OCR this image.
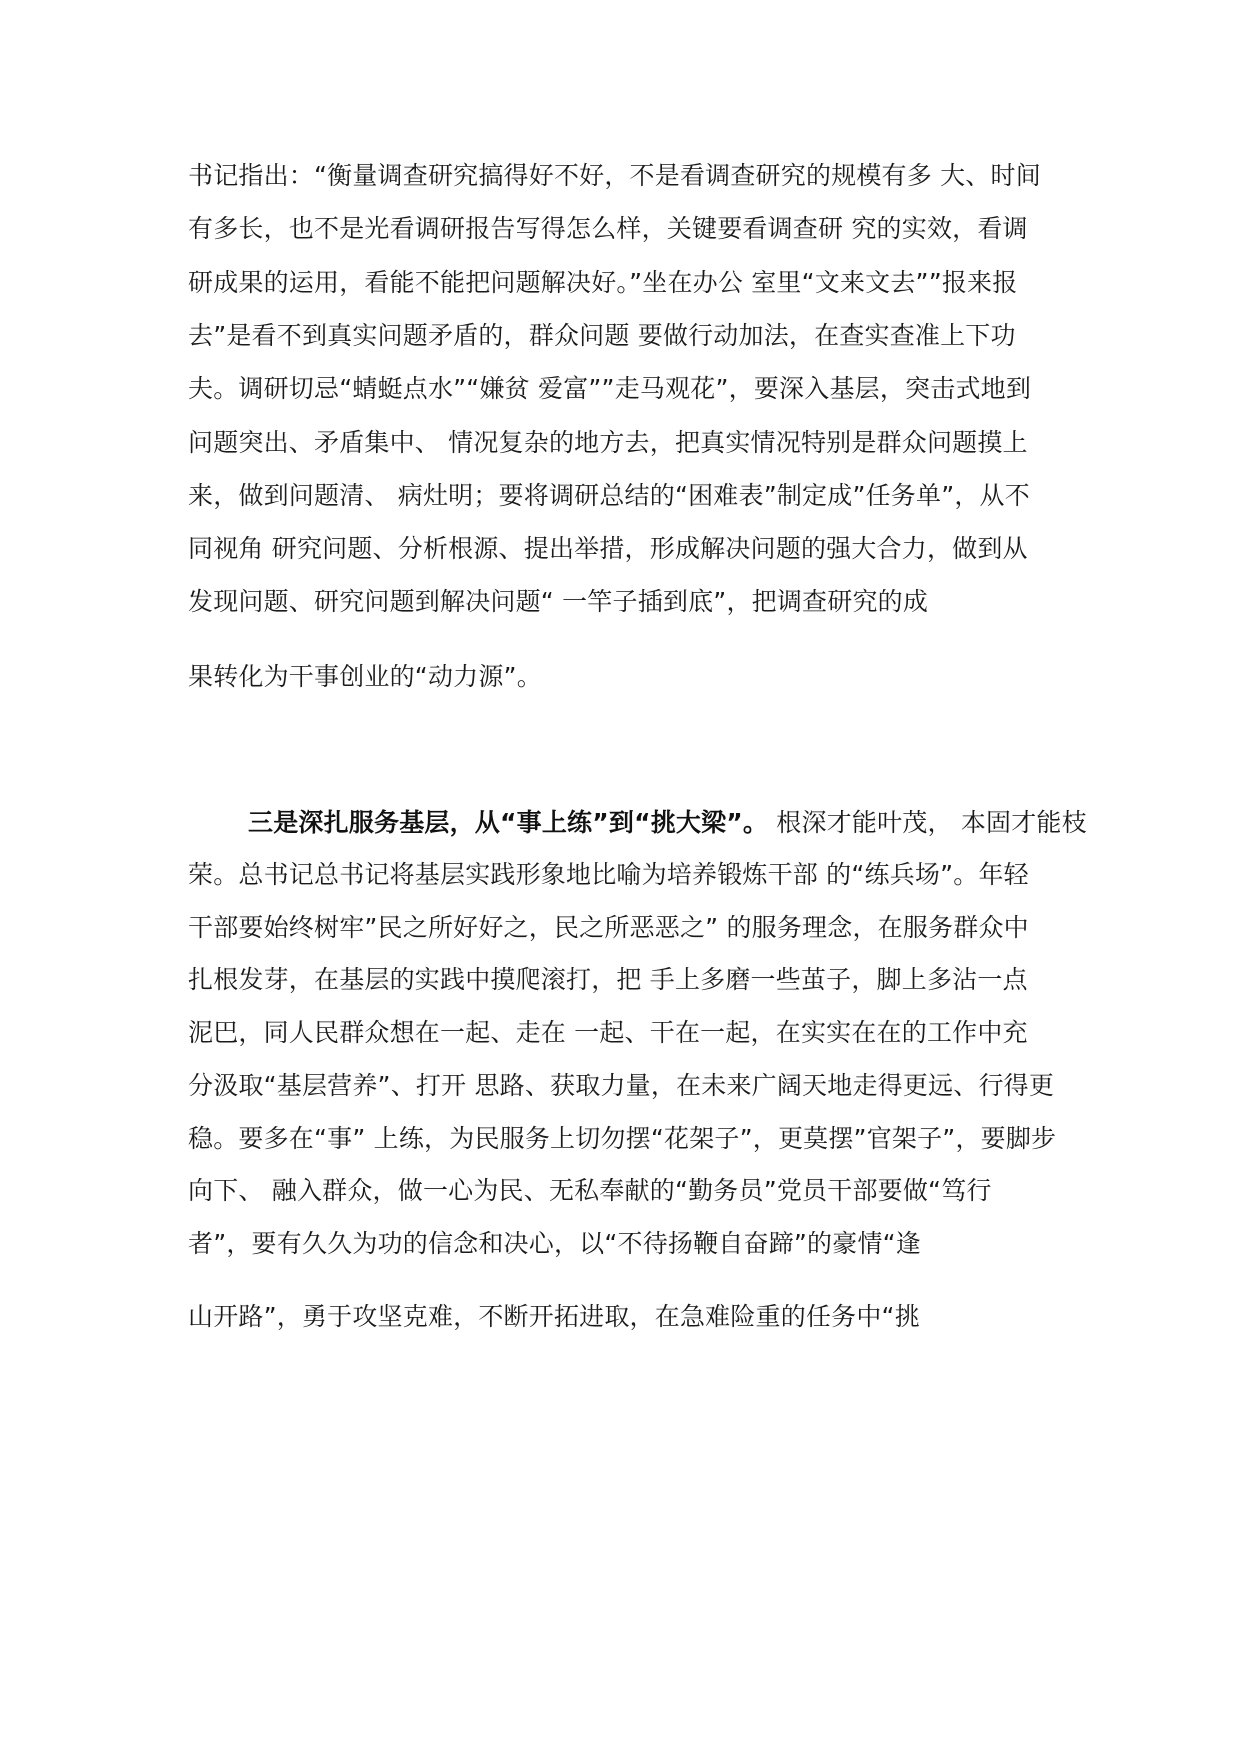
书记指出：“衡量调查研究搞得好不好，不是看调查研究的规模有多 大、时间
有多长，也不是光看调研报告写得怎么样，关键要看调查研 究的实效，看调
研成果的运用，看能不能把问题解决好。”坐在办公 室里“文来文去””报来报
去”是看不到真实问题矛盾的，群众问题 要做行动加法，在查实查准上下功
夫。调研切忌“蜻蜓点水”“嫌贫 爱富””走马观花”，要深入基层，突击式地到
问题突出、矛盾集中、 情况复杂的地方去，把真实情况特别是群众问题摸上
来，做到问题清、 病灶明；要将调研总结的“困难表”制定成”任务单”，从不
同视角 研究问题、分析根源、提出举措，形成解决问题的强大合力，做到从
发现问题、研究问题到解决问题“ 一竿子插到底”，把调查研究的成
果转化为干事创业的“动力源”。
三是深扎服务基层，从“事上练”到“挑大梁”。 根深才能叶茂， 本固才能枝
荣。总书记总书记将基层实践形象地比喻为培养锻炼干部 的“练兵场”。年轻
干部要始终树牢”民之所好好之，民之所恶恶之” 的服务理念，在服务群众中
扎根发芽，在基层的实践中摸爬滚打，把 手上多磨一些茧子，脚上多沾一点
泥巴，同人民群众想在一起、走在 一起、干在一起，在实实在在的工作中充
分汲取“基层营养”、打开 思路、获取力量，在未来广阔天地走得更远、行得更
稳。要多在“事” 上练，为民服务上切勿摆“花架子”，更莫摆”官架子”，要脚步
向下、 融入群众，做一心为民、无私奉献的“勤务员”党员干部要做“笃行
者”，要有久久为功的信念和决心，以“不待扬鞭自奋蹄”的豪情“逢
山开路”，勇于攻坚克难，不断开拓进取，在急难险重的任务中“挑
